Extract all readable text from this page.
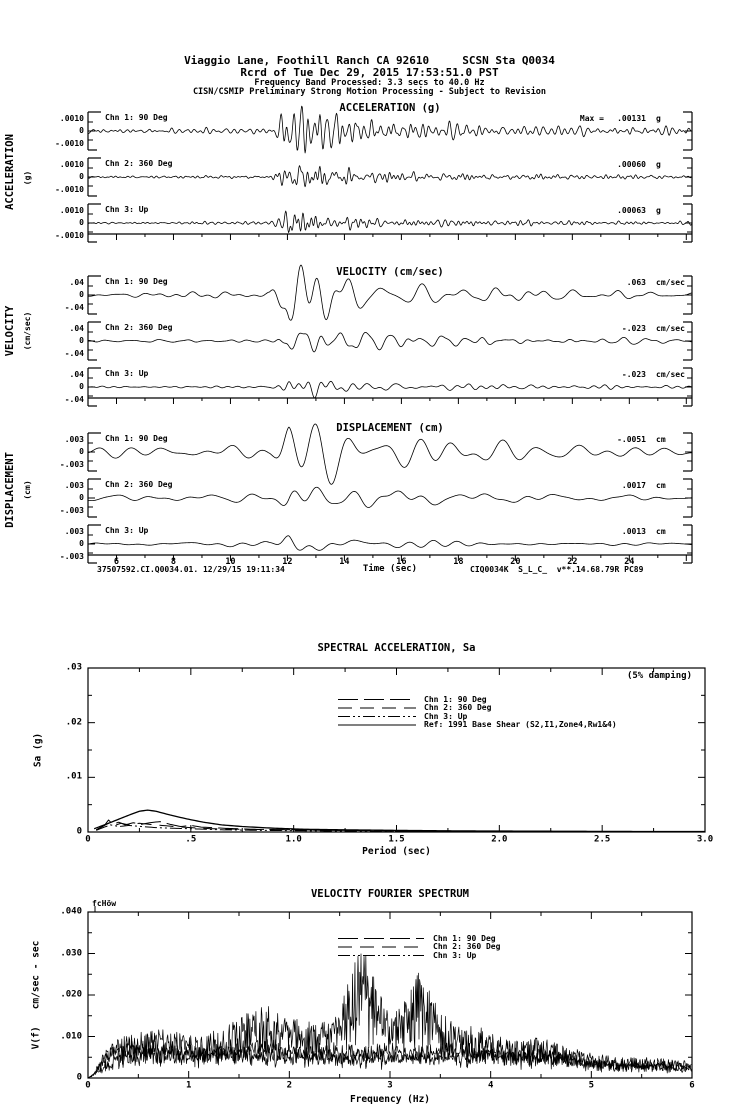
Viaggio Lane, Foothill Ranch CA 92610     SCSN Sta Q0034
Rcrd of Tue Dec 29, 2015 17:53:51.0 PST
Frequency Band Processed: 3.3 secs to 40.0 Hz
CISN/CSMIP Preliminary Strong Motion Processing - Subject to Revision
ACCELERATION (g)
VELOCITY (cm/sec)
DISPLACEMENT (cm)
ACCELERATION (g)
VELOCITY (cm/sec)
DISPLACEMENT (cm)
Time (sec)
37507592.CI.Q0034.01. 12/29/15 19:11:34	CIQ0034K  S_L_C_  v**.14.68.79R PC89
SPECTRAL ACCELERATION, Sa
(5% damping)
Sa (g)
Period (sec)
VELOCITY FOURIER SPECTRUM
fcHöw
V(f)   cm/sec - sec
Frequency (Hz)
.0010
0
-.0010
Chn 1: 90 Deg	Max = .00131 g
.0010
0
-.0010
Chn 2: 360 Deg	.00060 g
.0010
0
-.0010
Chn 3: Up	.00063 g
.04
0
-.04
Chn 1: 90 Deg	.063 cm/sec
.04
0
-.04
Chn 2: 360 Deg	-.023 cm/sec
.04
0
-.04
Chn 3: Up	-.023 cm/sec
.003
0
-.003
Chn 1: 90 Deg	-.0051 cm
.003
0
-.003
Chn 2: 360 Deg	.0017 cm
.003
0
-.003
Chn 3: Up	.0013 cm
6	8	10	12	14	16	18	20	22	24
0	.5	1.0	1.5	2.0	2.5	3.0
.03
.02
.01
0
Chn 1: 90 Deg
Chn 2: 360 Deg
Chn 3: Up
Ref: 1991 Base Shear (S2,I1,Zone4,Rw1&4)
0	1	2	3	4	5	6
.040
.030
.020
.010
0
Chn 1: 90 Deg
Chn 2: 360 Deg
Chn 3: Up
